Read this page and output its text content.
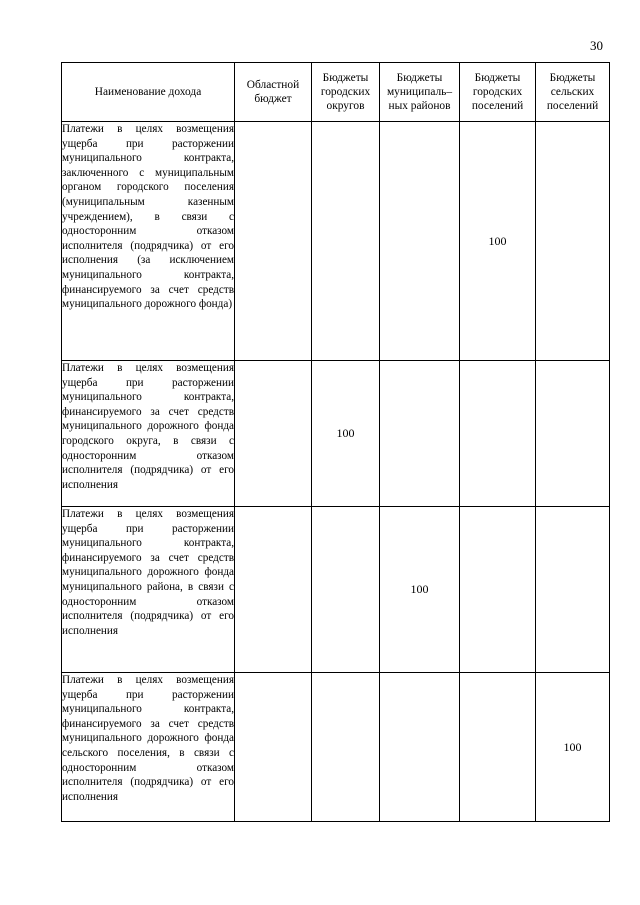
30
Наименование дохода	Областной бюджет	Бюджеты городских округов	Бюджеты муниципаль–ных районов	Бюджеты городских поселений	Бюджеты сельских поселений

Платежи в целях возмещения ущерба при расторжении муниципального контракта, заключенного с муниципальным органом городского поселения (муниципальным казенным учреждением), в связи с односторонним отказом исполнителя (подрядчика) от его исполнения (за исключением муниципального контракта, финансируемого за счет средств муниципального дорожного фонда)				100	

Платежи в целях возмещения ущерба при расторжении муниципального контракта, финансируемого за счет средств муниципального дорожного фонда городского округа, в связи с односторонним отказом исполнителя (подрядчика) от его исполнения		100			

Платежи в целях возмещения ущерба при расторжении муниципального контракта, финансируемого за счет средств муниципального дорожного фонда муниципального района, в связи с односторонним отказом исполнителя (подрядчика) от его исполнения			100		

Платежи в целях возмещения ущерба при расторжении муниципального контракта, финансируемого за счет средств муниципального дорожного фонда сельского поселения, в связи с односторонним отказом исполнителя (подрядчика) от его исполнения					100
